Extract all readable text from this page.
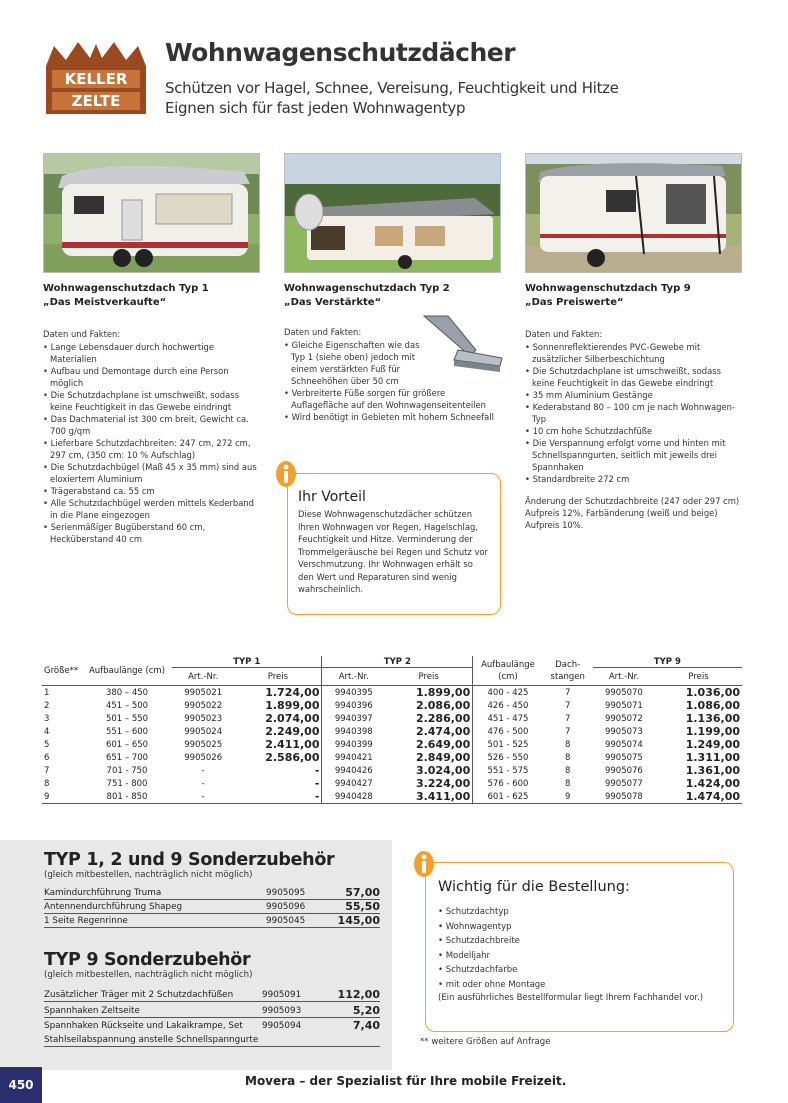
KELLER
ZELTE
Wohnwagenschutzdächer
Schützen vor Hagel, Schnee, Vereisung, Feuchtigkeit und Hitze
Eignen sich für fast jeden Wohnwagentyp
Wohnwagenschutzdach Typ 1
„Das Meistverkaufte“
Daten und Fakten:
• Lange Lebensdauer durch hochwertige Materialien
• Aufbau und Demontage durch eine Person möglich
• Die Schutzdachplane ist umschweißt, sodass keine Feuchtigkeit in das Gewebe eindringt
• Das Dachmaterial ist 300 cm breit, Gewicht ca. 700 g/qm
• Lieferbare Schutzdachbreiten: 247 cm, 272 cm, 297 cm, (350 cm: 10 % Aufschlag)
• Die Schutzdachbügel (Maß 45 x 35 mm) sind aus eloxiertem Aluminium
• Trägerabstand ca. 55 cm
• Alle Schutzdachbügel werden mittels Kederband in die Plane eingezogen
• Serienmäßiger Bugüberstand 60 cm, Hecküberstand 40 cm
Wohnwagenschutzdach Typ 2
„Das Verstärkte“
Daten und Fakten:
• Gleiche Eigenschaften wie das Typ 1 (siehe oben) jedoch mit einem verstärkten Fuß für Schneehöhen über 50 cm
• Verbreiterte Füße sorgen für größere Auflagefläche auf den Wohnwagenseitenteilen
• Wird benötigt in Gebieten mit hohem Schneefall
Wohnwagenschutzdach Typ 9
„Das Preiswerte“
Daten und Fakten:
• Sonnenreflektierendes PVC-Gewebe mit zusätzlicher Silberbeschichtung
• Die Schutzdachplane ist umschweißt, sodass keine Feuchtigkeit in das Gewebe eindringt
• 35 mm Aluminium Gestänge
• Kederabstand 80 – 100 cm je nach Wohnwagen-Typ
• 10 cm hohe Schutzdachfüße
• Die Verspannung erfolgt vorne und hinten mit Schnellspanngurten, seitlich mit jeweils drei Spannhaken
• Standardbreite 272 cm
Änderung der Schutzdachbreite (247 oder 297 cm) Aufpreis 12%, Farbänderung (weiß und beige) Aufpreis 10%.
Ihr Vorteil

Diese Wohnwagenschutzdächer schützen Ihren Wohnwagen vor Regen, Hagelschlag, Feuchtigkeit und Hitze. Verminderung der Trommelgeräusche bei Regen und Schutz vor Verschmutzung. Ihr Wohnwagen erhält so den Wert und Reparaturen sind wenig wahrscheinlich.

Größe**	Aufbaulänge (cm)	TYP 1		TYP 2		Aufbaulänge (cm)	Dach-stangen	TYP 9	
		Art.-Nr.	Preis	Art.-Nr.	Preis			Art.-Nr.	Preis
1	380 – 450	9905021	1.724,00	9940395	1.899,00	400 - 425	7	9905070	1.036,00
2	451 – 500	9905022	1.899,00	9940396	2.086,00	426 - 450	7	9905071	1.086,00
3	501 – 550	9905023	2.074,00	9940397	2.286,00	451 - 475	7	9905072	1.136,00
4	551 – 600	9905024	2.249,00	9940398	2.474,00	476 - 500	7	9905073	1.199,00
5	601 – 650	9905025	2.411,00	9940399	2.649,00	501 - 525	8	9905074	1.249,00
6	651 – 700	9905026	2.586,00	9940421	2.849,00	526 - 550	8	9905075	1.311,00
7	701 - 750	-	-	9940426	3.024,00	551 - 575	8	9905076	1.361,00
8	751 - 800	-	-	9940427	3.224,00	576 - 600	8	9905077	1.424,00
9	801 - 850	-	-	9940428	3.411,00	601 - 625	9	9905078	1.474,00
TYP 1, 2 und 9 Sonderzubehör
(gleich mitbestellen, nachträglich nicht möglich)
Kamindurchführung Truma	9905095	57,00
Antennendurchführung Shapeg	9905096	55,50
1 Seite Regenrinne	9905045	145,00
TYP 9 Sonderzubehör
(gleich mitbestellen, nachträglich nicht möglich)
Zusätzlicher Träger mit 2 Schutzdachfüßen	9905091	112,00
Spannhaken Zeltseite	9905093	5,20
Spannhaken Rückseite und Lakaikrampe, Set 9905094	7,40
Stahlseilabspannung anstelle Schnellspanngurte
Wichtig für die Bestellung:
• Schutzdachtyp
• Wohnwagentyp
• Schutzdachbreite
• Modelljahr
• Schutzdachfarbe
• mit oder ohne Montage
(Ein ausführliches Bestellformular liegt Ihrem Fachhandel vor.)
** weitere Größen auf Anfrage
450	Movera – der Spezialist für Ihre mobile Freizeit.
